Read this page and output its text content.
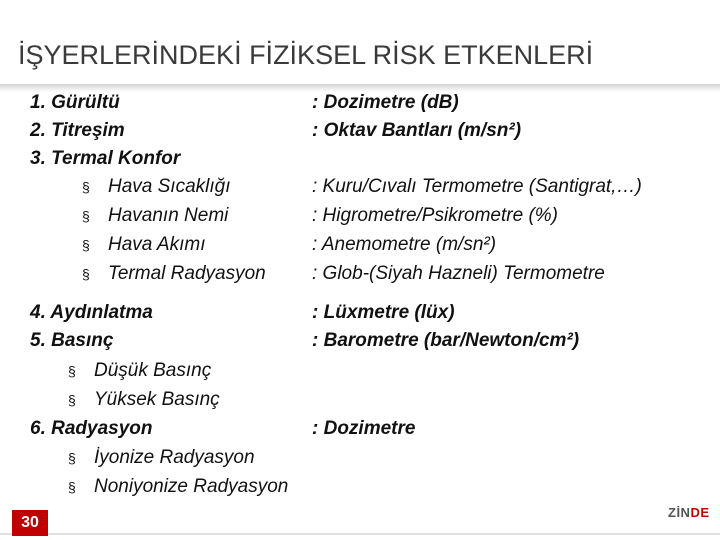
İŞYERLERİNDEKİ FİZİKSEL RİSK ETKENLERİ
1. Gürültü	: Dozimetre (dB)
2. Titreşim	: Oktav Bantları (m/sn²)
3. Termal Konfor
§ Hava Sıcaklığı	: Kuru/Cıvalı Termometre (Santigrat,…)
§ Havanın Nemi	: Higrometre/Psikrometre (%)
§ Hava Akımı	: Anemometre (m/sn²)
§ Termal Radyasyon : Glob-(Siyah Hazneli) Termometre
4. Aydınlatma	: Lüxmetre (lüx)
5. Basınç	: Barometre (bar/Newton/cm²)
§ Düşük Basınç
§ Yüksek Basınç
6. Radyasyon	: Dozimetre
§ İyonize Radyasyon
§ Noniyonize Radyasyon
30
ZİNDE
